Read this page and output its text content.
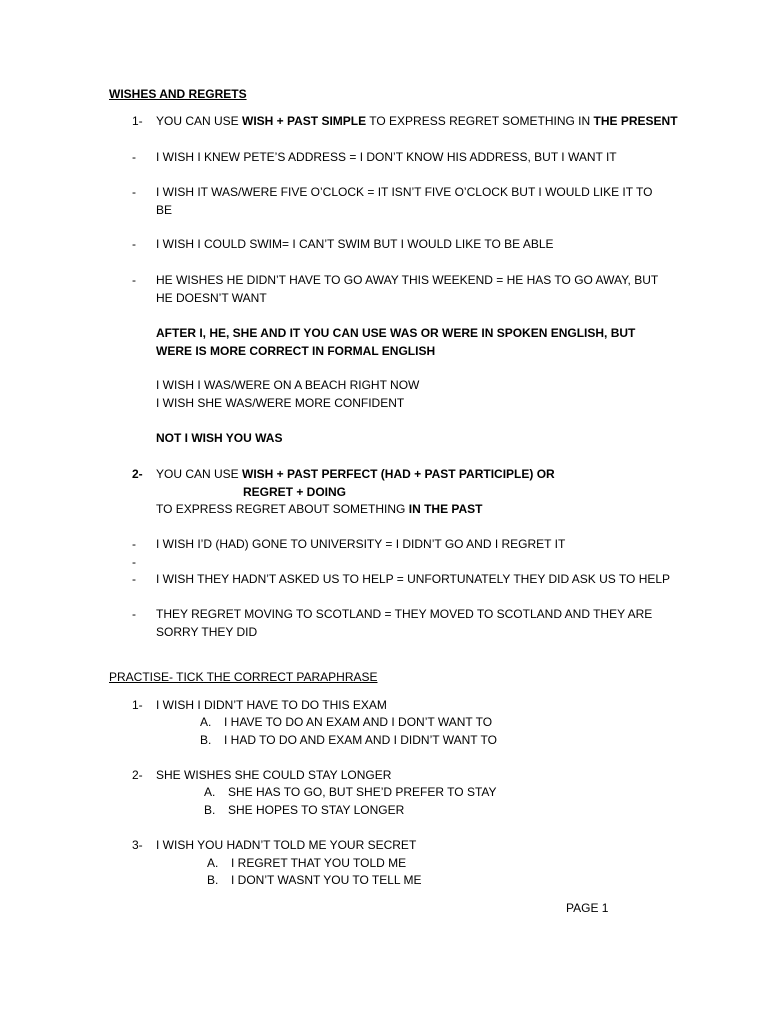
WISHES AND REGRETS
1- YOU CAN USE WISH + PAST SIMPLE TO EXPRESS REGRET SOMETHING IN THE PRESENT
- I WISH I KNEW PETE’S ADDRESS = I DON’T KNOW HIS ADDRESS, BUT I WANT IT
- I WISH IT WAS/WERE FIVE O’CLOCK = IT ISN’T FIVE O’CLOCK BUT I WOULD LIKE IT TO
BE
- I WISH I COULD SWIM= I CAN’T SWIM BUT I WOULD LIKE TO BE ABLE
- HE WISHES HE DIDN’T HAVE TO GO AWAY THIS WEEKEND = HE HAS TO GO AWAY, BUT
HE DOESN’T WANT
AFTER I, HE, SHE AND IT YOU CAN USE WAS OR WERE IN SPOKEN ENGLISH, BUT
WERE IS MORE CORRECT IN FORMAL ENGLISH
I WISH I WAS/WERE ON A BEACH RIGHT NOW
I WISH SHE WAS/WERE MORE CONFIDENT
NOT I WISH YOU WAS
2- YOU CAN USE WISH + PAST PERFECT (HAD + PAST PARTICIPLE) OR
REGRET + DOING
TO EXPRESS REGRET ABOUT SOMETHING IN THE PAST
- I WISH I’D (HAD) GONE TO UNIVERSITY = I DIDN’T GO AND I REGRET IT
-
- I WISH THEY HADN’T ASKED US TO HELP = UNFORTUNATELY THEY DID ASK US TO HELP
- THEY REGRET MOVING TO SCOTLAND = THEY MOVED TO SCOTLAND AND THEY ARE
SORRY THEY DID
PRACTISE- TICK THE CORRECT PARAPHRASE
1- I WISH I DIDN’T HAVE TO DO THIS EXAM
A. I HAVE TO DO AN EXAM AND I DON’T WANT TO
B. I HAD TO DO AND EXAM AND I DIDN’T WANT TO
2- SHE WISHES SHE COULD STAY LONGER
A. SHE HAS TO GO, BUT SHE’D PREFER TO STAY
B. SHE HOPES TO STAY LONGER
3- I WISH YOU HADN’T TOLD ME YOUR SECRET
A. I REGRET THAT YOU TOLD ME
B. I DON’T WASNT YOU TO TELL ME
PAGE 1
